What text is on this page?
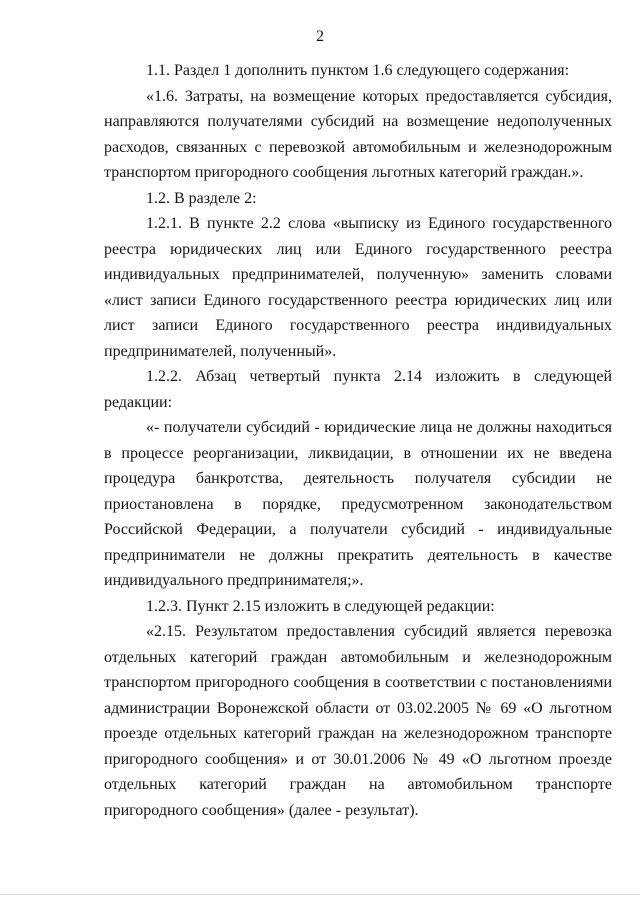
2

1.1. Раздел 1 дополнить пунктом 1.6 следующего содержания:

«1.6. Затраты, на возмещение которых предоставляется субсидия, направляются получателями субсидий на возмещение недополученных расходов, связанных с перевозкой автомобильным и железнодорожным транспортом пригородного сообщения льготных категорий граждан.».

1.2. В разделе 2:

1.2.1. В пункте 2.2 слова «выписку из Единого государственного реестра юридических лиц или Единого государственного реестра индивидуальных предпринимателей, полученную» заменить словами «лист записи Единого государственного реестра юридических лиц или лист записи Единого государственного реестра индивидуальных предпринимателей, полученный».

1.2.2. Абзац четвертый пункта 2.14 изложить в следующей редакции:

«- получатели субсидий - юридические лица не должны находиться в процессе реорганизации, ликвидации, в отношении их не введена процедура банкротства, деятельность получателя субсидии не приостановлена в порядке, предусмотренном законодательством Российской Федерации, а получатели субсидий - индивидуальные предприниматели не должны прекратить деятельность в качестве индивидуального предпринимателя;».

1.2.3. Пункт 2.15 изложить в следующей редакции:

«2.15. Результатом предоставления субсидий является перевозка отдельных категорий граждан автомобильным и железнодорожным транспортом пригородного сообщения в соответствии с постановлениями администрации Воронежской области от 03.02.2005 № 69 «О льготном проезде отдельных категорий граждан на железнодорожном транспорте пригородного сообщения» и от 30.01.2006 № 49 «О льготном проезде отдельных категорий граждан на автомобильном транспорте пригородного сообщения» (далее - результат).
